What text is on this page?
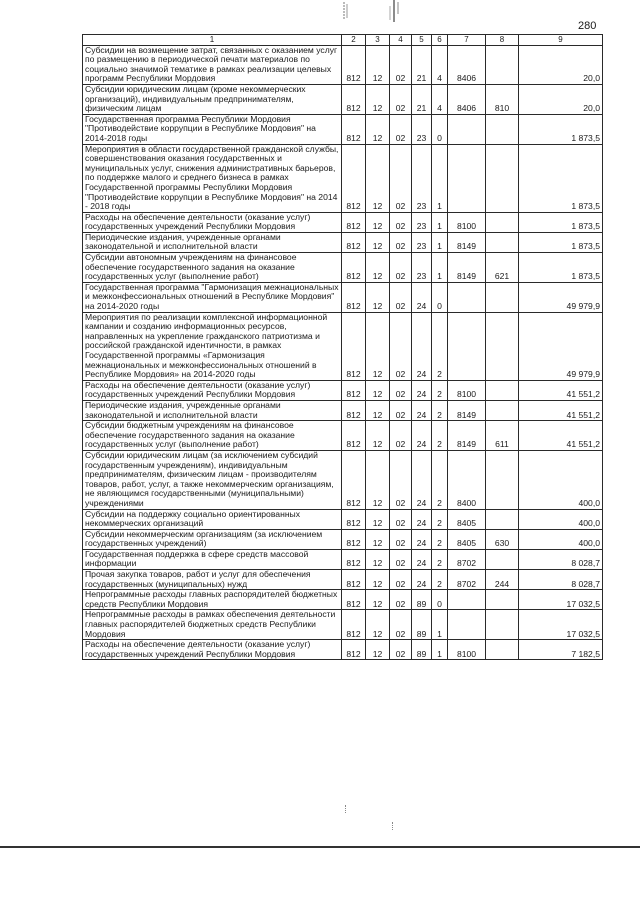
280
1	2	3	4	5	6	7	8	9

Субсидии на возмещение затрат, связанных с оказанием услуг по размещению в периодической печати материалов по социально значимой тематике в рамках реализации целевых программ Республики Мордовия	812	12	02	21	4	8406		20,0

Субсидии юридическим лицам (кроме некоммерческих организаций), индивидуальным предпринимателям, физическим лицам	812	12	02	21	4	8406	810	20,0

Государственная программа Республики Мордовия "Противодействие коррупции в Республике Мордовия" на 2014-2018 годы	812	12	02	23	0			1 873,5

Мероприятия в области государственной гражданской службы, совершенствования оказания государственных и муниципальных услуг, снижения административных барьеров, по поддержке малого и среднего бизнеса в рамках Государственной программы Республики Мордовия "Противодействие коррупции в Республике Мордовия" на 2014 - 2018 годы	812	12	02	23	1			1 873,5

Расходы на обеспечение деятельности (оказание услуг) государственных учреждений Республики Мордовия	812	12	02	23	1	8100		1 873,5

Периодические издания, учрежденные органами законодательной и исполнительной власти	812	12	02	23	1	8149		1 873,5

Субсидии автономным учреждениям на финансовое обеспечение государственного задания на оказание государственных услуг (выполнение работ)	812	12	02	23	1	8149	621	1 873,5

Государственная программа "Гармонизация межнациональных и межконфессиональных отношений в Республике Мордовия" на 2014-2020 годы	812	12	02	24	0			49 979,9

Мероприятия по реализации комплексной информационной кампании и созданию информационных ресурсов, направленных на укрепление гражданского патриотизма и российской гражданской идентичности, в рамках Государственной программы «Гармонизация межнациональных и межконфессиональных отношений в Республике Мордовия» на 2014-2020 годы	812	12	02	24	2			49 979,9

Расходы на обеспечение деятельности (оказание услуг) государственных учреждений Республики Мордовия	812	12	02	24	2	8100		41 551,2

Периодические издания, учрежденные органами законодательной и исполнительной власти	812	12	02	24	2	8149		41 551,2

Субсидии бюджетным учреждениям на финансовое обеспечение государственного задания на оказание государственных услуг (выполнение работ)	812	12	02	24	2	8149	611	41 551,2

Субсидии юридическим лицам (за исключением субсидий государственным учреждениям), индивидуальным предпринимателям, физическим лицам - производителям товаров, работ, услуг, а также некоммерческим организациям, не являющимся государственными (муниципальными) учреждениями	812	12	02	24	2	8400		400,0

Субсидии на поддержку социально ориентированных некоммерческих организаций	812	12	02	24	2	8405		400,0

Субсидии некоммерческим организациям (за исключением государственных учреждений)	812	12	02	24	2	8405	630	400,0

Государственная поддержка в сфере средств массовой информации	812	12	02	24	2	8702		8 028,7

Прочая закупка товаров, работ и услуг для обеспечения государственных (муниципальных) нужд	812	12	02	24	2	8702	244	8 028,7

Непрограммные расходы главных распорядителей бюджетных средств Республики Мордовия	812	12	02	89	0			17 032,5

Непрограммные расходы в рамках обеспечения деятельности главных распорядителей бюджетных средств Республики Мордовия	812	12	02	89	1			17 032,5

Расходы на обеспечение деятельности (оказание услуг) государственных учреждений Республики Мордовия	812	12	02	89	1	8100		7 182,5
